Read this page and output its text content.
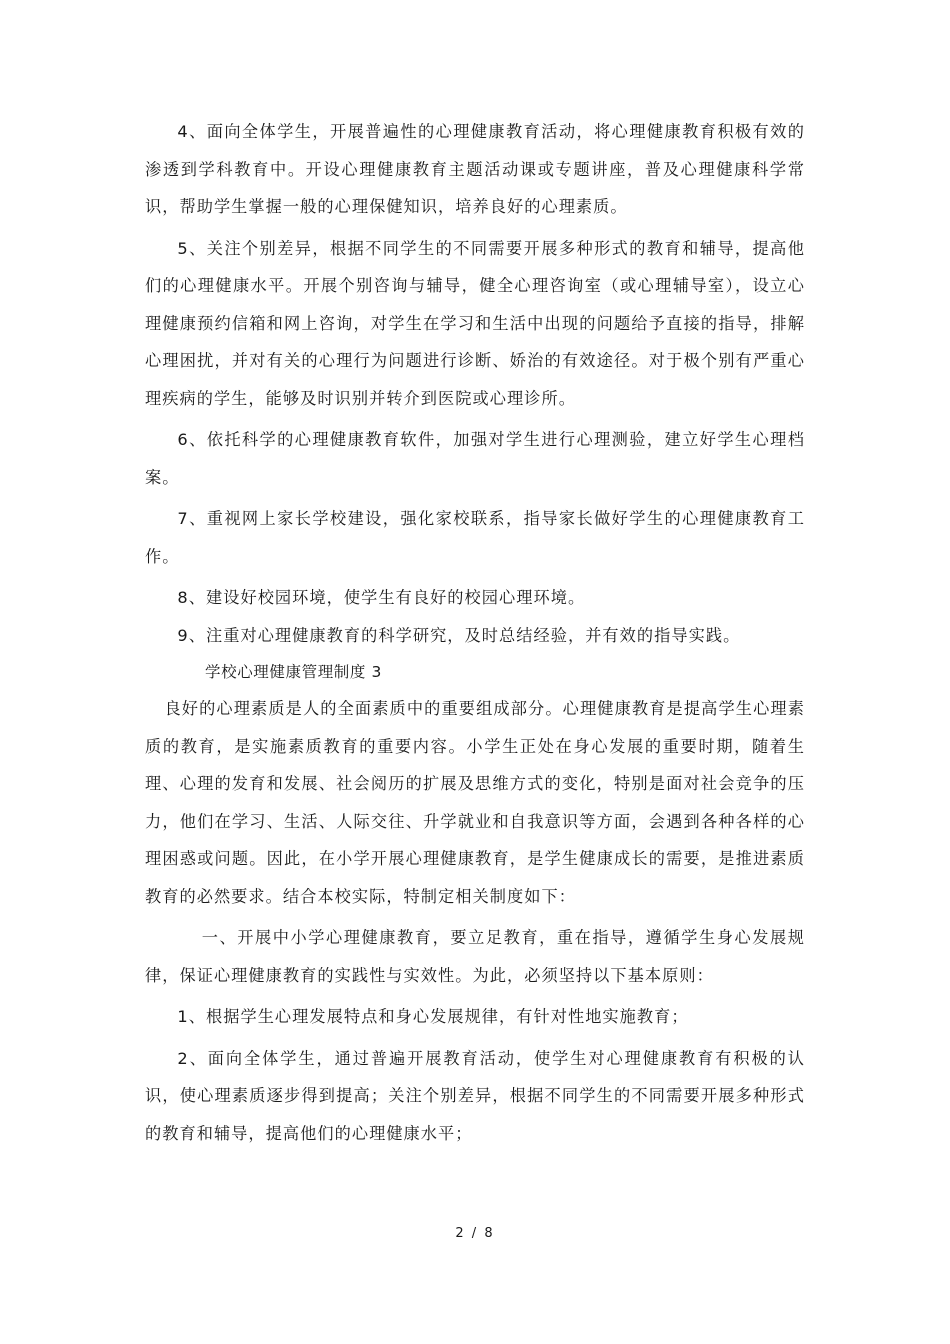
4、面向全体学生，开展普遍性的心理健康教育活动，将心理健康教育积极有效的渗透到学科教育中。开设心理健康教育主题活动课或专题讲座，普及心理健康科学常识，帮助学生掌握一般的心理保健知识，培养良好的心理素质。

5、关注个别差异，根据不同学生的不同需要开展多种形式的教育和辅导，提高他们的心理健康水平。开展个别咨询与辅导，健全心理咨询室（或心理辅导室），设立心理健康预约信箱和网上咨询，对学生在学习和生活中出现的问题给予直接的指导，排解心理困扰，并对有关的心理行为问题进行诊断、娇治的有效途径。对于极个别有严重心理疾病的学生，能够及时识别并转介到医院或心理诊所。

6、依托科学的心理健康教育软件，加强对学生进行心理测验，建立好学生心理档案。

7、重视网上家长学校建设，强化家校联系，指导家长做好学生的心理健康教育工作。

8、建设好校园环境，使学生有良好的校园心理环境。

9、注重对心理健康教育的科学研究，及时总结经验，并有效的指导实践。

学校心理健康管理制度 3

良好的心理素质是人的全面素质中的重要组成部分。心理健康教育是提高学生心理素质的教育，是实施素质教育的重要内容。小学生正处在身心发展的重要时期，随着生理、心理的发育和发展、社会阅历的扩展及思维方式的变化，特别是面对社会竞争的压力，他们在学习、生活、人际交往、升学就业和自我意识等方面，会遇到各种各样的心理困惑或问题。因此，在小学开展心理健康教育，是学生健康成长的需要，是推进素质教育的必然要求。结合本校实际，特制定相关制度如下：

一、开展中小学心理健康教育，要立足教育，重在指导，遵循学生身心发展规律，保证心理健康教育的实践性与实效性。为此，必须坚持以下基本原则：

1、根据学生心理发展特点和身心发展规律，有针对性地实施教育；

2、面向全体学生，通过普遍开展教育活动，使学生对心理健康教育有积极的认识，使心理素质逐步得到提高；关注个别差异，根据不同学生的不同需要开展多种形式的教育和辅导，提高他们的心理健康水平；

2 / 8
